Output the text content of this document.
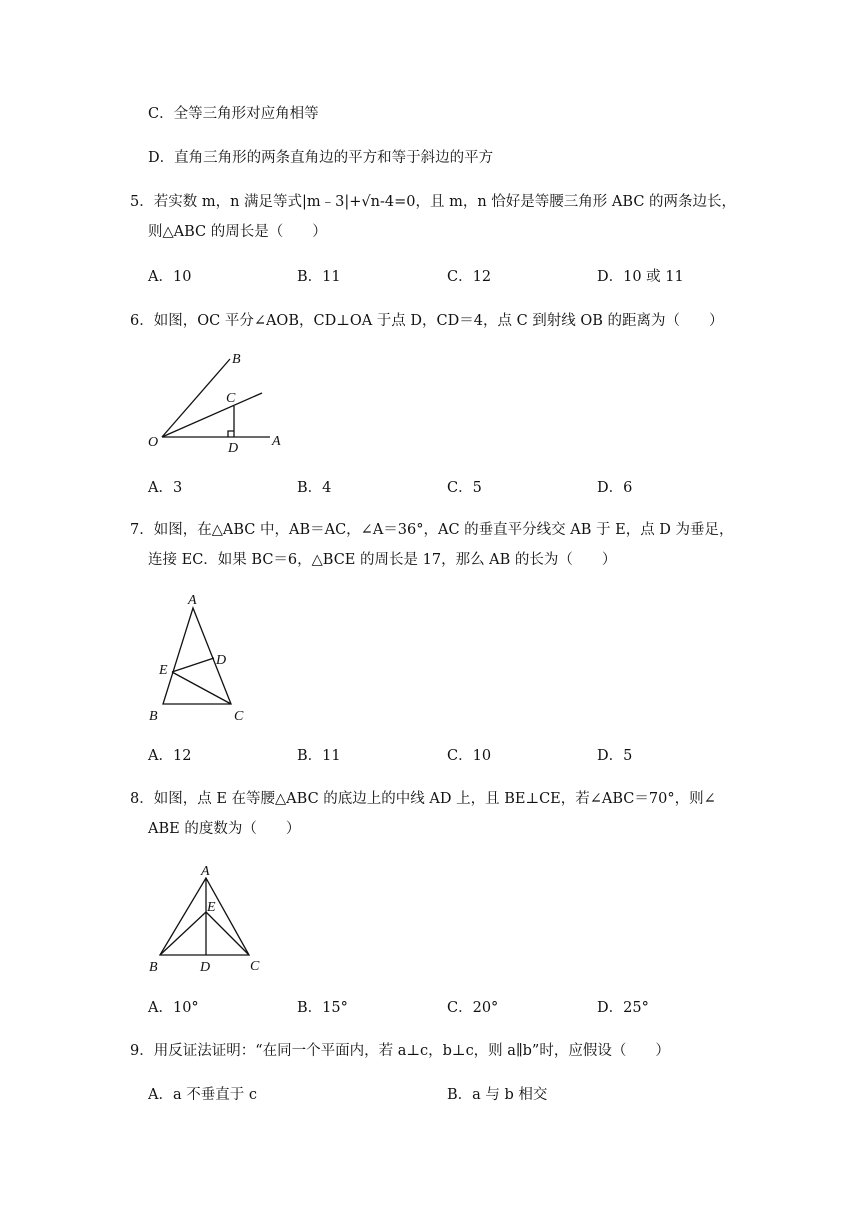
C．全等三角形对应角相等
D．直角三角形的两条直角边的平方和等于斜边的平方
5．若实数 m，n 满足等式|m﹣3|+√n-4=0，且 m，n 恰好是等腰三角形 ABC 的两条边长，
则△ABC 的周长是（　　）
A．10	B．11	C．12	D．10 或 11
6．如图，OC 平分∠AOB，CD⊥OA 于点 D，CD＝4，点 C 到射线 OB 的距离为（　　）
B
C
O	D A
A．3	B．4	C．5	D．6
7．如图，在△ABC 中，AB＝AC，∠A＝36°，AC 的垂直平分线交 AB 于 E，点 D 为垂足，
连接 EC．如果 BC＝6，△BCE 的周长是 17，那么 AB 的长为（　　）
A
D
E
B	C
A．12	B．11	C．10	D．5
8．如图，点 E 在等腰△ABC 的底边上的中线 AD 上，且 BE⊥CE，若∠ABC＝70°，则∠
ABE 的度数为（　　）
A
E
B	D	C
A．10°	B．15°	C．20°	D．25°
9．用反证法证明：“在同一个平面内，若 a⊥c，b⊥c，则 a∥b”时，应假设（　　）
A．a 不垂直于 c	B．a 与 b 相交
